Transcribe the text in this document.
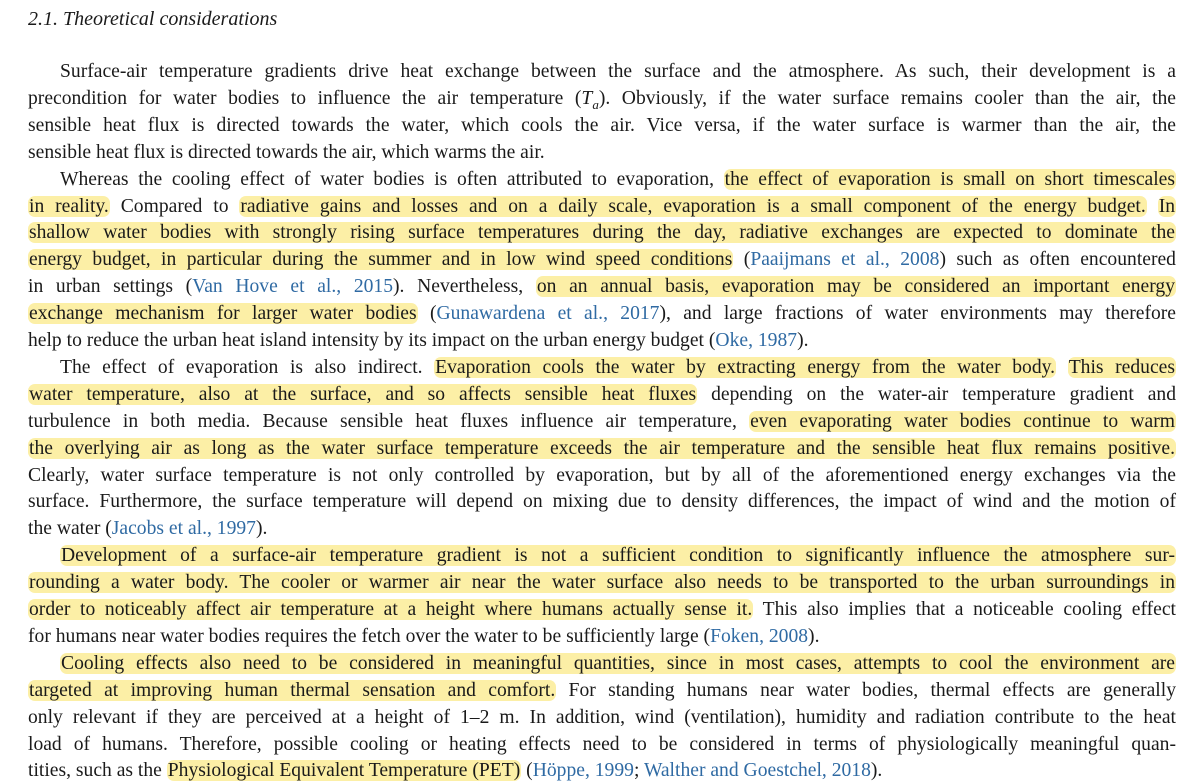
2.1. Theoretical considerations
Surface-air temperature gradients drive heat exchange between the surface and the atmosphere. As such, their development is a
precondition for water bodies to influence the air temperature $(T_a)$. Obviously, if the water surface remains cooler than the air, the
sensible heat flux is directed towards the water, which cools the air. Vice versa, if the water surface is warmer than the air, the
sensible heat flux is directed towards the air, which warms the air.
Whereas the cooling effect of water bodies is often attributed to evaporation, the effect of evaporation is small on short timescales
in reality. Compared to radiative gains and losses and on a daily scale, evaporation is a small component of the energy budget. In
shallow water bodies with strongly rising surface temperatures during the day, radiative exchanges are expected to dominate the
energy budget, in particular during the summer and in low wind speed conditions (Paaijmans et al., 2008) such as often encountered
in urban settings (Van Hove et al., 2015). Nevertheless, on an annual basis, evaporation may be considered an important energy
exchange mechanism for larger water bodies (Gunawardena et al., 2017), and large fractions of water environments may therefore
help to reduce the urban heat island intensity by its impact on the urban energy budget (Oke, 1987).
The effect of evaporation is also indirect. Evaporation cools the water by extracting energy from the water body. This reduces
water temperature, also at the surface, and so affects sensible heat fluxes depending on the water-air temperature gradient and
turbulence in both media. Because sensible heat fluxes influence air temperature, even evaporating water bodies continue to warm
the overlying air as long as the water surface temperature exceeds the air temperature and the sensible heat flux remains positive.
Clearly, water surface temperature is not only controlled by evaporation, but by all of the aforementioned energy exchanges via the
surface. Furthermore, the surface temperature will depend on mixing due to density differences, the impact of wind and the motion of
the water (Jacobs et al., 1997).
Development of a surface-air temperature gradient is not a sufficient condition to significantly influence the atmosphere sur-
rounding a water body. The cooler or warmer air near the water surface also needs to be transported to the urban surroundings in
order to noticeably affect air temperature at a height where humans actually sense it. This also implies that a noticeable cooling effect
for humans near water bodies requires the fetch over the water to be sufficiently large (Foken, 2008).
Cooling effects also need to be considered in meaningful quantities, since in most cases, attempts to cool the environment are
targeted at improving human thermal sensation and comfort. For standing humans near water bodies, thermal effects are generally
only relevant if they are perceived at a height of 1–2 m. In addition, wind (ventilation), humidity and radiation contribute to the heat
load of humans. Therefore, possible cooling or heating effects need to be considered in terms of physiologically meaningful quan-
tities, such as the Physiological Equivalent Temperature (PET) (Höppe, 1999; Walther and Goestchel, 2018).
